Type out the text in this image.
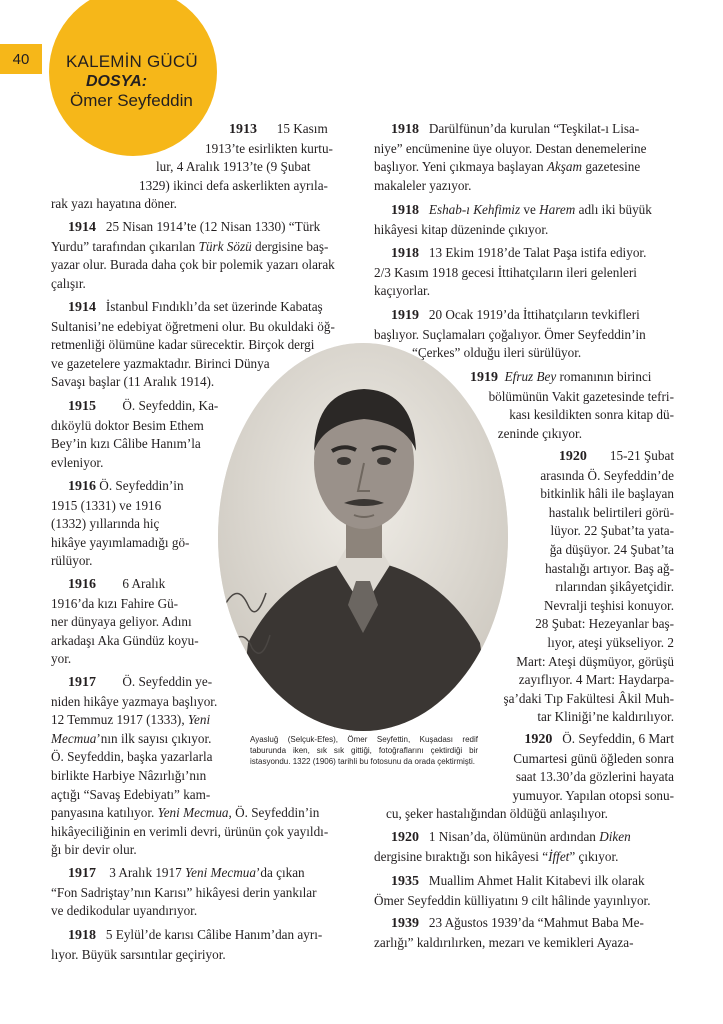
40	KALEMİN GÜCÜ
DOSYA:
Ömer Seyfeddin
Ayasluğ (Selçuk-Efes), Ömer Seyfettin, Kuşadası redif taburunda iken, sık sık gittiği, fotoğraflarını çektirdiği bir istasyondu. 1322 (1906) tarihli bu fotosunu da orada çektirmişti.
1913 15 Kasım
1913’te esirlikten kurtu-
lur, 4 Aralık 1913’te (9 Şubat
1329) ikinci defa askerlikten ayrıla-
rak yazı hayatına döner.
1914 25 Nisan 1914’te (12 Nisan 1330) “Türk
Yurdu” tarafından çıkarılan Türk Sözü dergisine baş-
yazar olur. Burada daha çok bir polemik yazarı olarak
çalışır.
1914 İstanbul Fındıklı’da set üzerinde Kabataş
Sultanisi’ne edebiyat öğretmeni olur. Bu okuldaki öğ-
retmenliği ölümüne kadar sürecektir. Birçok dergi
ve gazetelere yazmaktadır. Birinci Dünya
Savaşı başlar (11 Aralık 1914).
1915 Ö. Seyfeddin, Ka-
dıköylü doktor Besim Ethem
Bey’in kızı Câlibe Hanım’la
evleniyor.
1916 Ö. Seyfeddin’in
1915 (1331) ve 1916
(1332) yıllarında hiç
hikâye yayımlamadığı gö-
rülüyor.
1916 6 Aralık
1916’da kızı Fahire Gü-
ner dünyaya geliyor. Adını
arkadaşı Aka Gündüz koyu-
yor.
1917 Ö. Seyfeddin ye-
niden hikâye yazmaya başlıyor.
12 Temmuz 1917 (1333), Yeni
Mecmua’nın ilk sayısı çıkıyor.
Ö. Seyfeddin, başka yazarlarla
birlikte Harbiye Nâzırlığı’nın
açtığı “Savaş Edebiyatı” kam-
panyasına katılıyor. Yeni Mecmua, Ö. Seyfeddin’in
hikâyeciliğinin en verimli devri, ürünün çok yayıldı-
ğı bir devir olur.
1917 3 Aralık 1917 Yeni Mecmua’da çıkan
“Fon Sadriştay’nın Karısı” hikâyesi derin yankılar
ve dedikodular uyandırıyor.
1918 5 Eylül’de karısı Câlibe Hanım’dan ayrı-
lıyor. Büyük sarsıntılar geçiriyor.
1918 Darülfünun’da kurulan “Teşkilat-ı Lisa-
niye” encümenine üye oluyor. Destan denemelerine
başlıyor. Yeni çıkmaya başlayan Akşam gazetesine
makaleler yazıyor.
1918 Eshab-ı Kehfimiz ve Harem adlı iki büyük
hikâyesi kitap düzeninde çıkıyor.
1918 13 Ekim 1918’de Talat Paşa istifa ediyor.
2/3 Kasım 1918 gecesi İttihatçıların ileri gelenleri
kaçıyorlar.
1919 20 Ocak 1919’da İttihatçıların tevkifleri
başlıyor. Suçlamaları çoğalıyor. Ömer Seyfeddin’in
“Çerkes” olduğu ileri sürülüyor.
1919 Efruz Bey romanının birinci
bölümünün Vakit gazetesinde tefri-
kası kesildikten sonra kitap dü-
zeninde çıkıyor.
1920 15-21 Şubat
arasında Ö. Seyfeddin’de
bitkinlik hâli ile başlayan
hastalık belirtileri görü-
lüyor. 22 Şubat’ta yata-
ğa düşüyor. 24 Şubat’ta
hastalığı artıyor. Baş ağ-
rılarından şikâyetçidir.
Nevralji teşhisi konuyor.
28 Şubat: Hezeyanlar baş-
lıyor, ateşi yükseliyor. 2
Mart: Ateşi düşmüyor, görüşü
zayıflıyor. 4 Mart: Haydarpa-
şa’daki Tıp Fakültesi Âkil Muh-
tar Kliniği’ne kaldırılıyor.
1920 Ö. Seyfeddin, 6 Mart
Cumartesi günü öğleden sonra
saat 13.30’da gözlerini hayata
yumuyor. Yapılan otopsi sonu-
cu, şeker hastalığından öldüğü anlaşılıyor.
1920 1 Nisan’da, ölümünün ardından Diken
dergisine bıraktığı son hikâyesi “İffet” çıkıyor.
1935 Muallim Ahmet Halit Kitabevi ilk olarak
Ömer Seyfeddin külliyatını 9 cilt hâlinde yayınlıyor.
1939 23 Ağustos 1939’da “Mahmut Baba Me-
zarlığı” kaldırılırken, mezarı ve kemikleri Ayaza-
